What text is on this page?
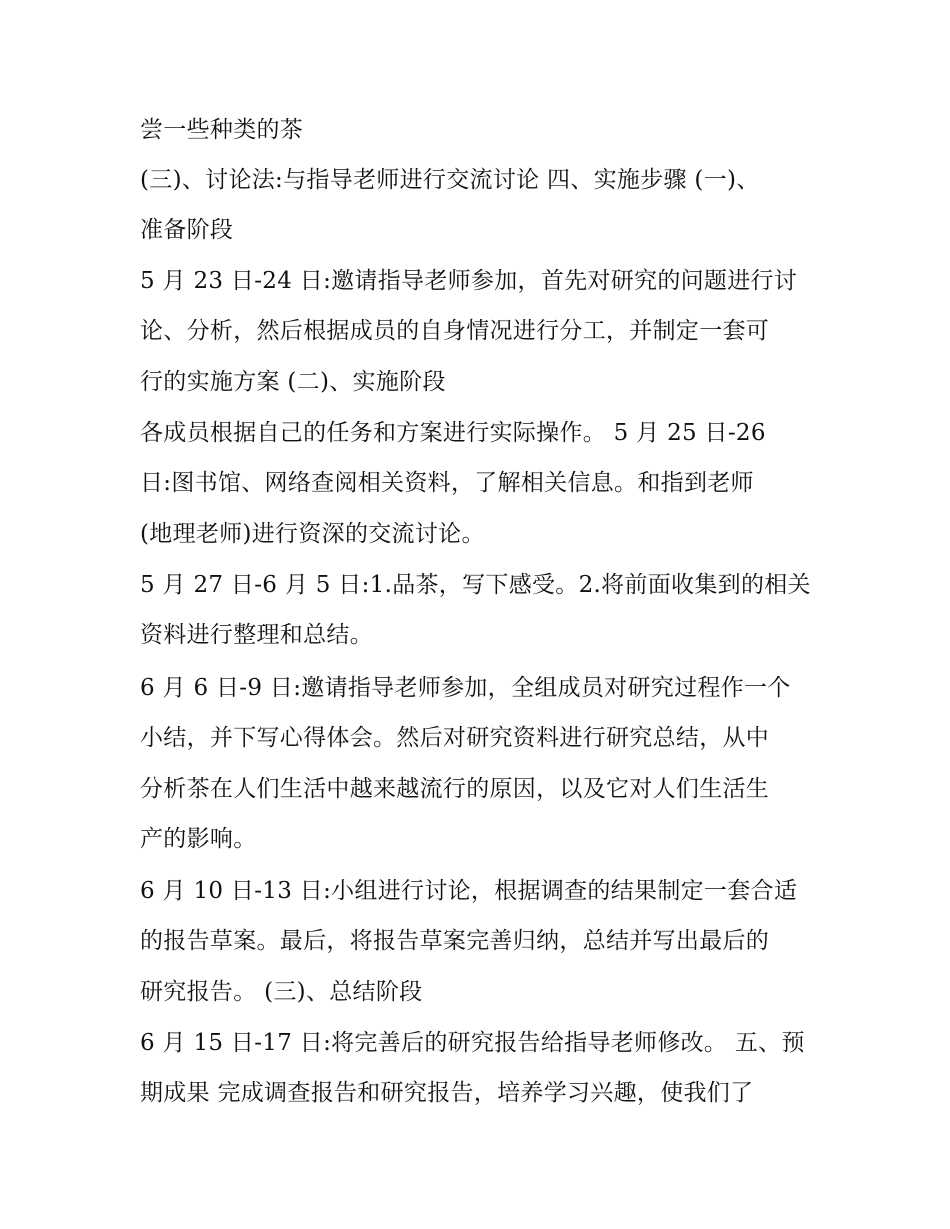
尝一些种类的茶
(三)、讨论法:与指导老师进行交流讨论 四、实施步骤 (一)、
准备阶段
5 月 23 日-24 日:邀请指导老师参加，首先对研究的问题进行讨
论、分析，然后根据成员的自身情况进行分工，并制定一套可
行的实施方案 (二)、实施阶段
各成员根据自己的任务和方案进行实际操作。 5 月 25 日-26
日:图书馆、网络查阅相关资料，了解相关信息。和指到老师
(地理老师)进行资深的交流讨论。
5 月 27 日-6 月 5 日:1.品茶，写下感受。2.将前面收集到的相关
资料进行整理和总结。
6 月 6 日-9 日:邀请指导老师参加，全组成员对研究过程作一个
小结，并下写心得体会。然后对研究资料进行研究总结，从中
分析茶在人们生活中越来越流行的原因，以及它对人们生活生
产的影响。
6 月 10 日-13 日:小组进行讨论，根据调查的结果制定一套合适
的报告草案。最后，将报告草案完善归纳，总结并写出最后的
研究报告。 (三)、总结阶段
6 月 15 日-17 日:将完善后的研究报告给指导老师修改。 五、预
期成果 完成调查报告和研究报告，培养学习兴趣，使我们了
